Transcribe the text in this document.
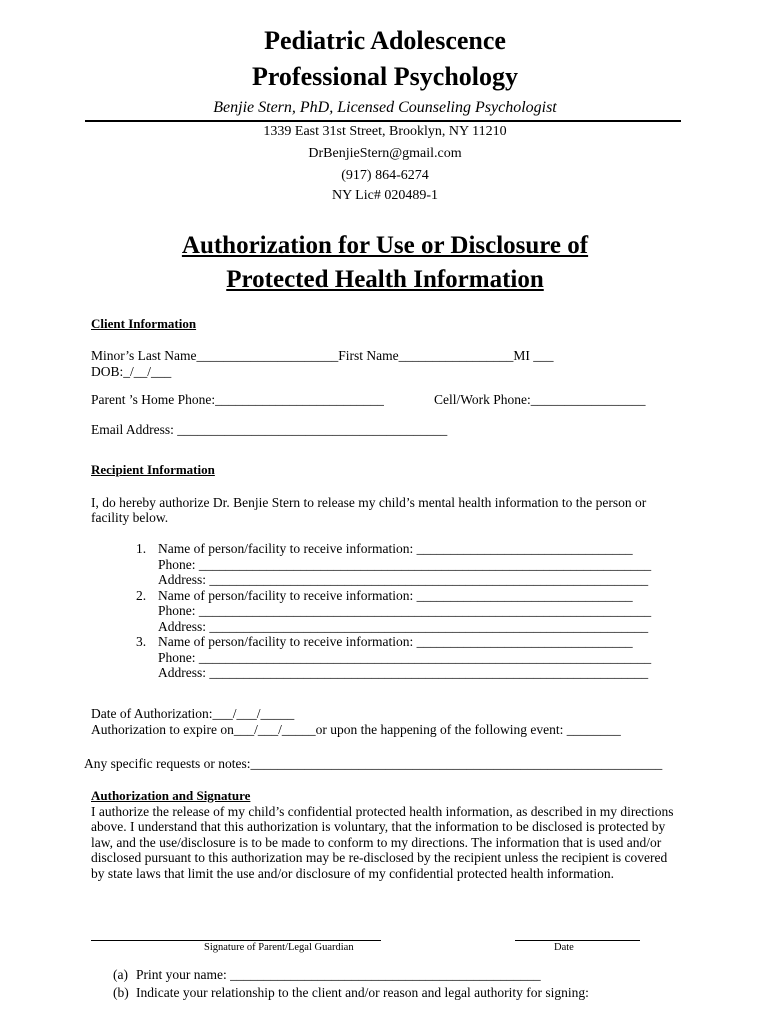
Pediatric Adolescence
Professional Psychology
Benjie Stern, PhD, Licensed Counseling Psychologist
1339 East 31st Street, Brooklyn, NY 11210
DrBenjieStern@gmail.com
(917) 864-6274
NY Lic# 020489-1
Authorization for Use or Disclosure of
Protected Health Information
Client Information
Minor’s Last Name_____________________First Name_________________MI ___
DOB:_/__/___
Parent ’s Home Phone:_________________________	Cell/Work Phone:_________________
Email Address: ________________________________________
Recipient Information
I, do hereby authorize Dr. Benjie Stern to release my child’s mental health information to the person or facility below.
1. Name of person/facility to receive information: ________________________________
Phone: ___________________________________________________________________
Address: _________________________________________________________________
2. Name of person/facility to receive information: ________________________________
Phone: ___________________________________________________________________
Address: _________________________________________________________________
3. Name of person/facility to receive information: ________________________________
Phone: ___________________________________________________________________
Address: _________________________________________________________________
Date of Authorization:___/___/_____
Authorization to expire on___/___/_____or upon the happening of the following event: ________
Any specific requests or notes:_____________________________________________________________
Authorization and Signature
I authorize the release of my child’s confidential protected health information, as described in my directions above. I understand that this authorization is voluntary, that the information to be disclosed is protected by law, and the use/disclosure is to be made to conform to my directions. The information that is used and/or disclosed pursuant to this authorization may be re-disclosed by the recipient unless the recipient is covered by state laws that limit the use and/or disclosure of my confidential protected health information.
Signature of Parent/Legal Guardian	Date
(a) Print your name: ______________________________________________
(b) Indicate your relationship to the client and/or reason and legal authority for signing:
